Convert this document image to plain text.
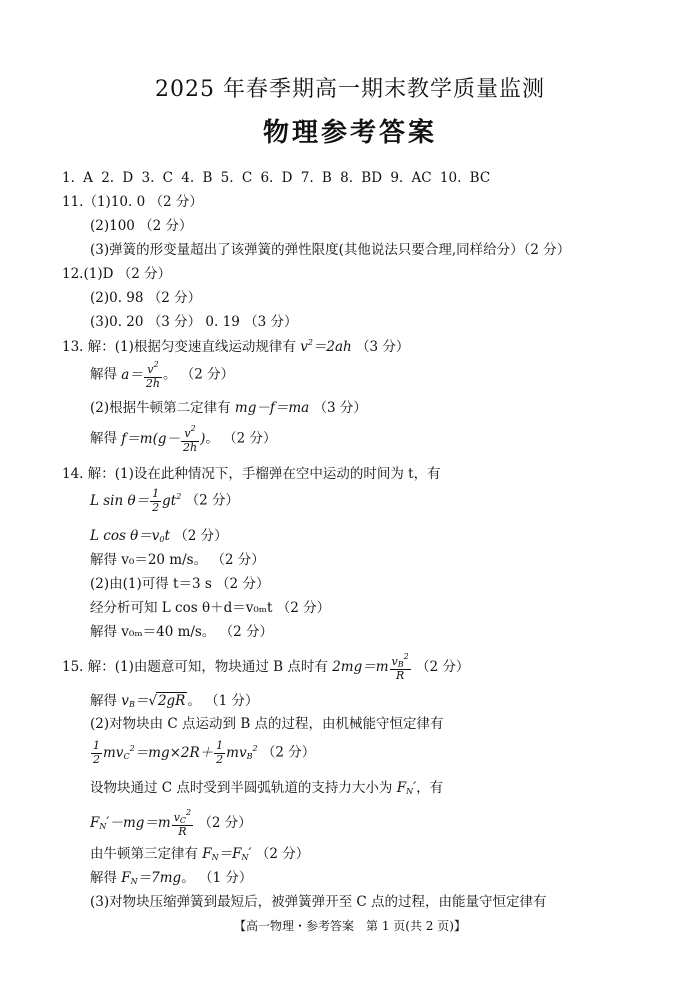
2025 年春季期高一期末教学质量监测
物理参考答案
1. A 2. D 3. C 4. B 5. C 6. D 7. B 8. BD 9. AC 10. BC
11.（1)10. 0 （2 分）
(2)100 （2 分）
(3)弹簧的形变量超出了该弹簧的弹性限度(其他说法只要合理,同样给分）（2 分）
12.(1)D （2 分）
(2)0. 98 （2 分）
(3)0. 20 （3 分） 0. 19 （3 分）
13. 解：(1)根据匀变速直线运动规律有 $v^2=2ah$ （3 分）
解得 $a= \frac{v^2}{2h}$ 。 （2 分）
(2)根据牛顿第二定律有 mg－f＝ma （3 分）
解得 $f=m(g- \frac{v^2}{2h}$ )。 （2 分）
14. 解：(1)设在此种情况下，手榴弹在空中运动的时间为 t，有
L $\sin \theta= \frac{1}{2} gt^2$ （2 分）
L $\cos \theta=v_0t$ （2 分）
解得 v₀＝20 m/s。 （2 分）
(2)由(1)可得 t＝3 s （2 分）
经分析可知 L cos θ＋d＝v₀ₘt （2 分）
解得 v₀ₘ＝40 m/s。 （2 分）
15. 解：(1)由题意可知，物块通过 B 点时有 $2mg=m \frac{v_B^2}{R} (2$ 分）
解得 $v_B=√2gR$ 。 （1 分）
(2)对物块由 C 点运动到 B 点的过程，由机械能守恒定律有
$\frac{1}{2} mv_C^2=mg\times 2R+ \frac{1}{2} mv_B^2$ （2 分）
设物块通过 C 点时受到半圆弧轨道的支持力大小为 $F_N'$，有
$F_N'-mg=m \frac{v_C^2}{R} (2$ 分）
由牛顿第三定律有 $F_N=F_N'$ （2 分）
解得 $F_N=7mg$。 （1 分）
(3)对物块压缩弹簧到最短后，被弹簧弹开至 C 点的过程，由能量守恒定律有
【高一物理・参考答案　第 1 页(共 2 页)】
